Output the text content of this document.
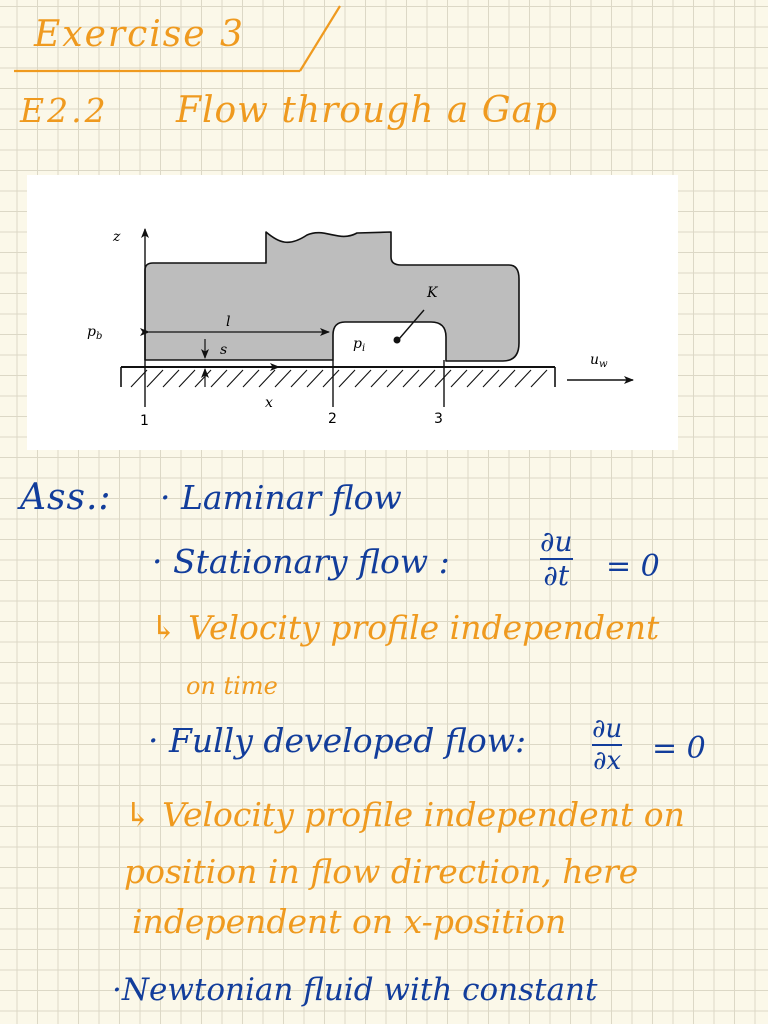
Exercise 3
E2.2 Flow through a Gap
z
x
$p_b$	$p_i$
l
s
K
$u_w$
1	2	3
Ass.: · Laminar flow
· Stationary flow :
∂u
∂t = 0
↳ Velocity profile independent
on time
· Fully developed flow:	∂u
∂x = 0
↳ Velocity profile independent on
position in flow direction, here
independent on x-position
·Newtonian fluid with constant
